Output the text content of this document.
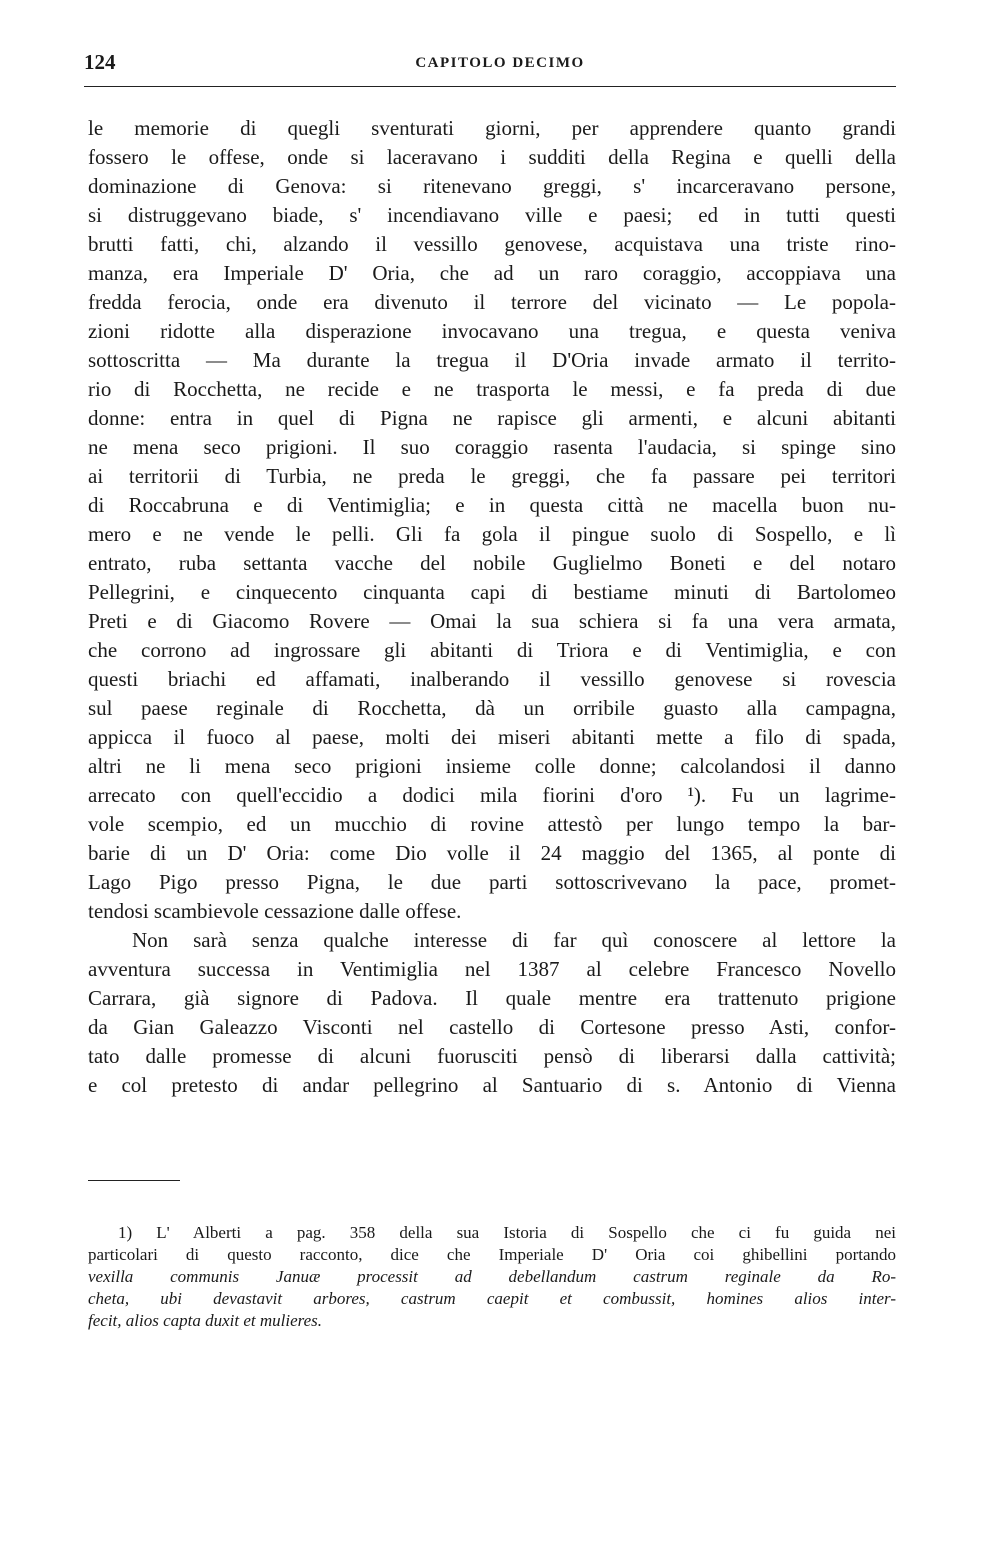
124	CAPITOLO DECIMO
le memorie di quegli sventurati giorni, per apprendere quanto grandi
fossero le offese, onde si laceravano i sudditi della Regina e quelli della
dominazione di Genova: si ritenevano greggi, s' incarceravano persone,
si distruggevano biade, s' incendiavano ville e paesi; ed in tutti questi
brutti fatti, chi, alzando il vessillo genovese, acquistava una triste rino-
manza, era Imperiale D' Oria, che ad un raro coraggio, accoppiava una
fredda ferocia, onde era divenuto il terrore del vicinato — Le popola-
zioni ridotte alla disperazione invocavano una tregua, e questa veniva
sottoscritta — Ma durante la tregua il D'Oria invade armato il territo-
rio di Rocchetta, ne recide e ne trasporta le messi, e fa preda di due
donne: entra in quel di Pigna ne rapisce gli armenti, e alcuni abitanti
ne mena seco prigioni. Il suo coraggio rasenta l'audacia, si spinge sino
ai territorii di Turbia, ne preda le greggi, che fa passare pei territori
di Roccabruna e di Ventimiglia; e in questa città ne macella buon nu-
mero e ne vende le pelli. Gli fa gola il pingue suolo di Sospello, e lì
entrato, ruba settanta vacche del nobile Guglielmo Boneti e del notaro
Pellegrini, e cinquecento cinquanta capi di bestiame minuti di Bartolomeo
Preti e di Giacomo Rovere — Omai la sua schiera si fa una vera armata,
che corrono ad ingrossare gli abitanti di Triora e di Ventimiglia, e con
questi briachi ed affamati, inalberando il vessillo genovese si rovescia
sul paese reginale di Rocchetta, dà un orribile guasto alla campagna,
appicca il fuoco al paese, molti dei miseri abitanti mette a filo di spada,
altri ne li mena seco prigioni insieme colle donne; calcolandosi il danno
arrecato con quell'eccidio a dodici mila fiorini d'oro ¹). Fu un lagrime-
vole scempio, ed un mucchio di rovine attestò per lungo tempo la bar-
barie di un D' Oria: come Dio volle il 24 maggio del 1365, al ponte di
Lago Pigo presso Pigna, le due parti sottoscrivevano la pace, promet-
tendosi scambievole cessazione dalle offese.
Non sarà senza qualche interesse di far quì conoscere al lettore la
avventura successa in Ventimiglia nel 1387 al celebre Francesco Novello
Carrara, già signore di Padova. Il quale mentre era trattenuto prigione
da Gian Galeazzo Visconti nel castello di Cortesone presso Asti, confor-
tato dalle promesse di alcuni fuorusciti pensò di liberarsi dalla cattività;
e col pretesto di andar pellegrino al Santuario di s. Antonio di Vienna
1) L' Alberti a pag. 358 della sua Istoria di Sospello che ci fu guida nei
particolari di questo racconto, dice che Imperiale D' Oria coi ghibellini portando
vexilla communis Januæ processit ad debellandum castrum reginale da Ro-
cheta, ubi devastavit arbores, castrum caepit et combussit, homines alios inter-
fecit, alios capta duxit et mulieres.
